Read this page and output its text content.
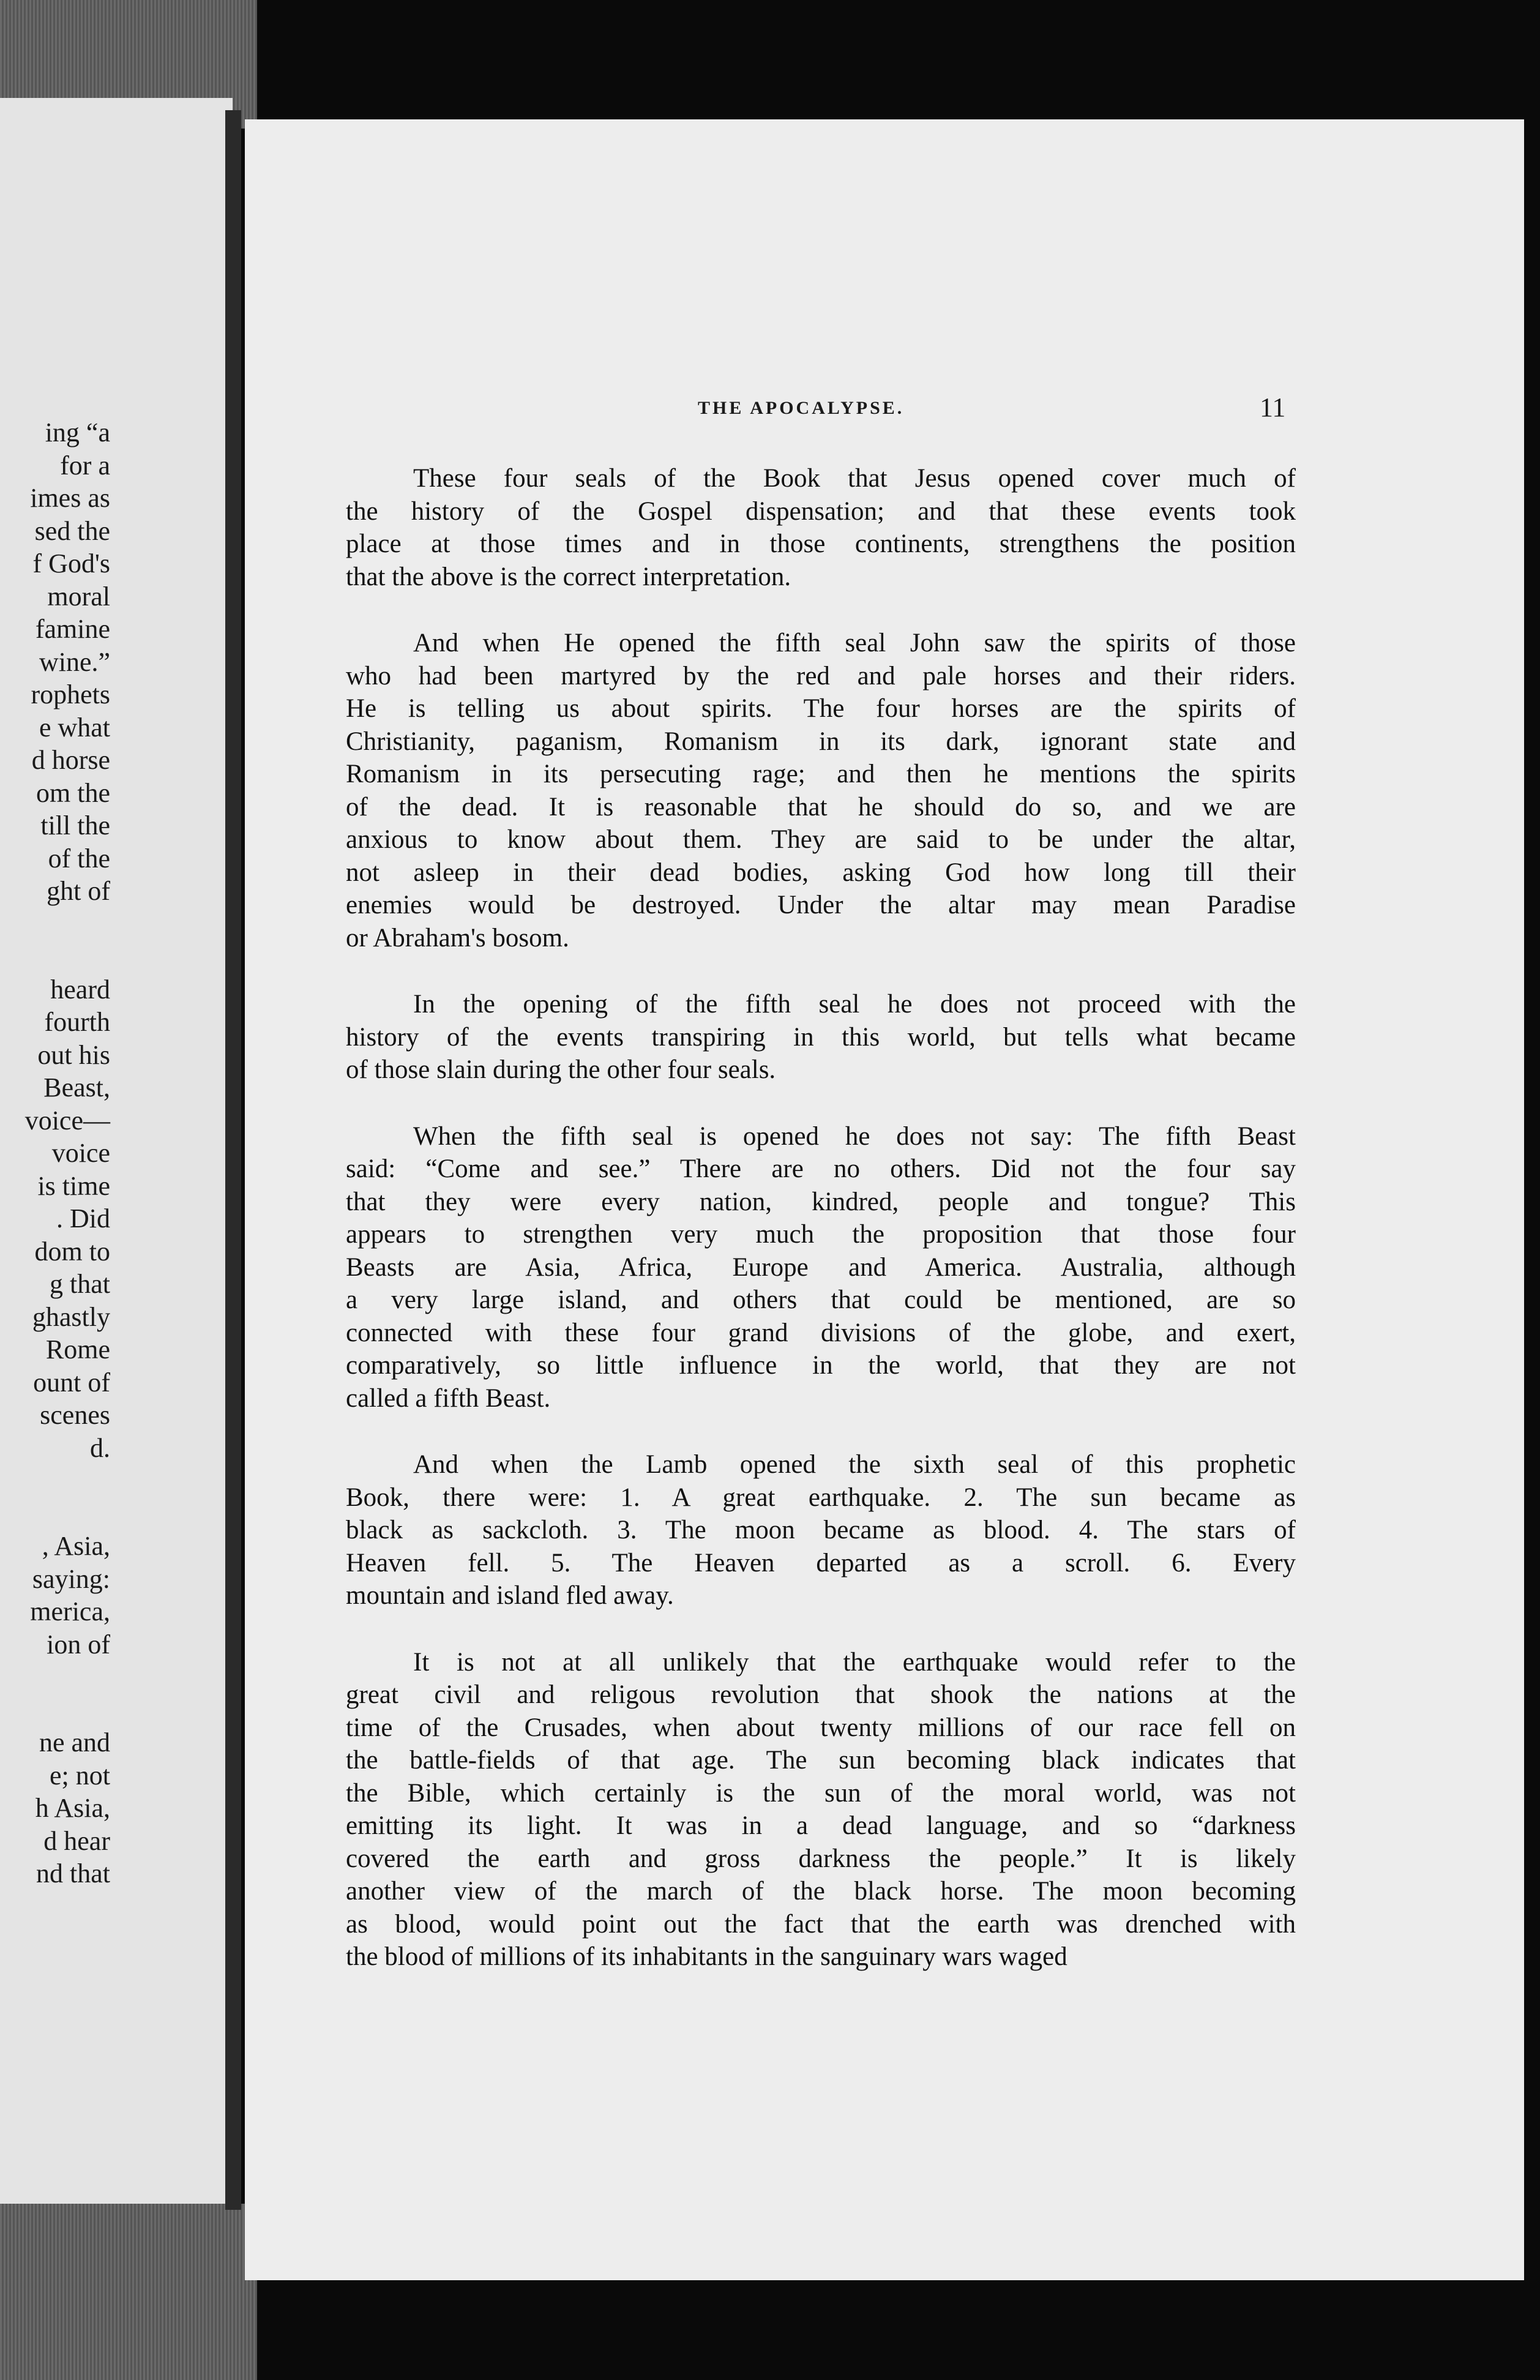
ing “a
for a
imes as
sed the
f God's
moral
famine
wine.”
rophets
e what
d horse
om the
till the
of the
ght of
heard
fourth
out his
Beast,
voice—
voice
is time
. Did
dom to
g that
ghastly
Rome
ount of
scenes
d.
, Asia,
saying:
merica,
ion of
ne and
e; not
h Asia,
d hear
nd that
THE APOCALYPSE.	11
These four seals of the Book that Jesus opened cover much of
the history of the Gospel dispensation; and that these events took
place at those times and in those continents, strengthens the position
that the above is the correct interpretation.
And when He opened the fifth seal John saw the spirits of those
who had been martyred by the red and pale horses and their riders.
He is telling us about spirits. The four horses are the spirits of
Christianity, paganism, Romanism in its dark, ignorant state and
Romanism in its persecuting rage; and then he mentions the spirits
of the dead. It is reasonable that he should do so, and we are
anxious to know about them. They are said to be under the altar,
not asleep in their dead bodies, asking God how long till their
enemies would be destroyed. Under the altar may mean Paradise
or Abraham's bosom.
In the opening of the fifth seal he does not proceed with the
history of the events transpiring in this world, but tells what became
of those slain during the other four seals.
When the fifth seal is opened he does not say: The fifth Beast
said: “Come and see.” There are no others. Did not the four say
that they were every nation, kindred, people and tongue? This
appears to strengthen very much the proposition that those four
Beasts are Asia, Africa, Europe and America. Australia, although
a very large island, and others that could be mentioned, are so
connected with these four grand divisions of the globe, and exert,
comparatively, so little influence in the world, that they are not
called a fifth Beast.
And when the Lamb opened the sixth seal of this prophetic
Book, there were: 1. A great earthquake. 2. The sun became as
black as sackcloth. 3. The moon became as blood. 4. The stars of
Heaven fell. 5. The Heaven departed as a scroll. 6. Every
mountain and island fled away.
It is not at all unlikely that the earthquake would refer to the
great civil and religous revolution that shook the nations at the
time of the Crusades, when about twenty millions of our race fell on
the battle-fields of that age. The sun becoming black indicates that
the Bible, which certainly is the sun of the moral world, was not
emitting its light. It was in a dead language, and so “darkness
covered the earth and gross darkness the people.” It is likely
another view of the march of the black horse. The moon becoming
as blood, would point out the fact that the earth was drenched with
the blood of millions of its inhabitants in the sanguinary wars waged
